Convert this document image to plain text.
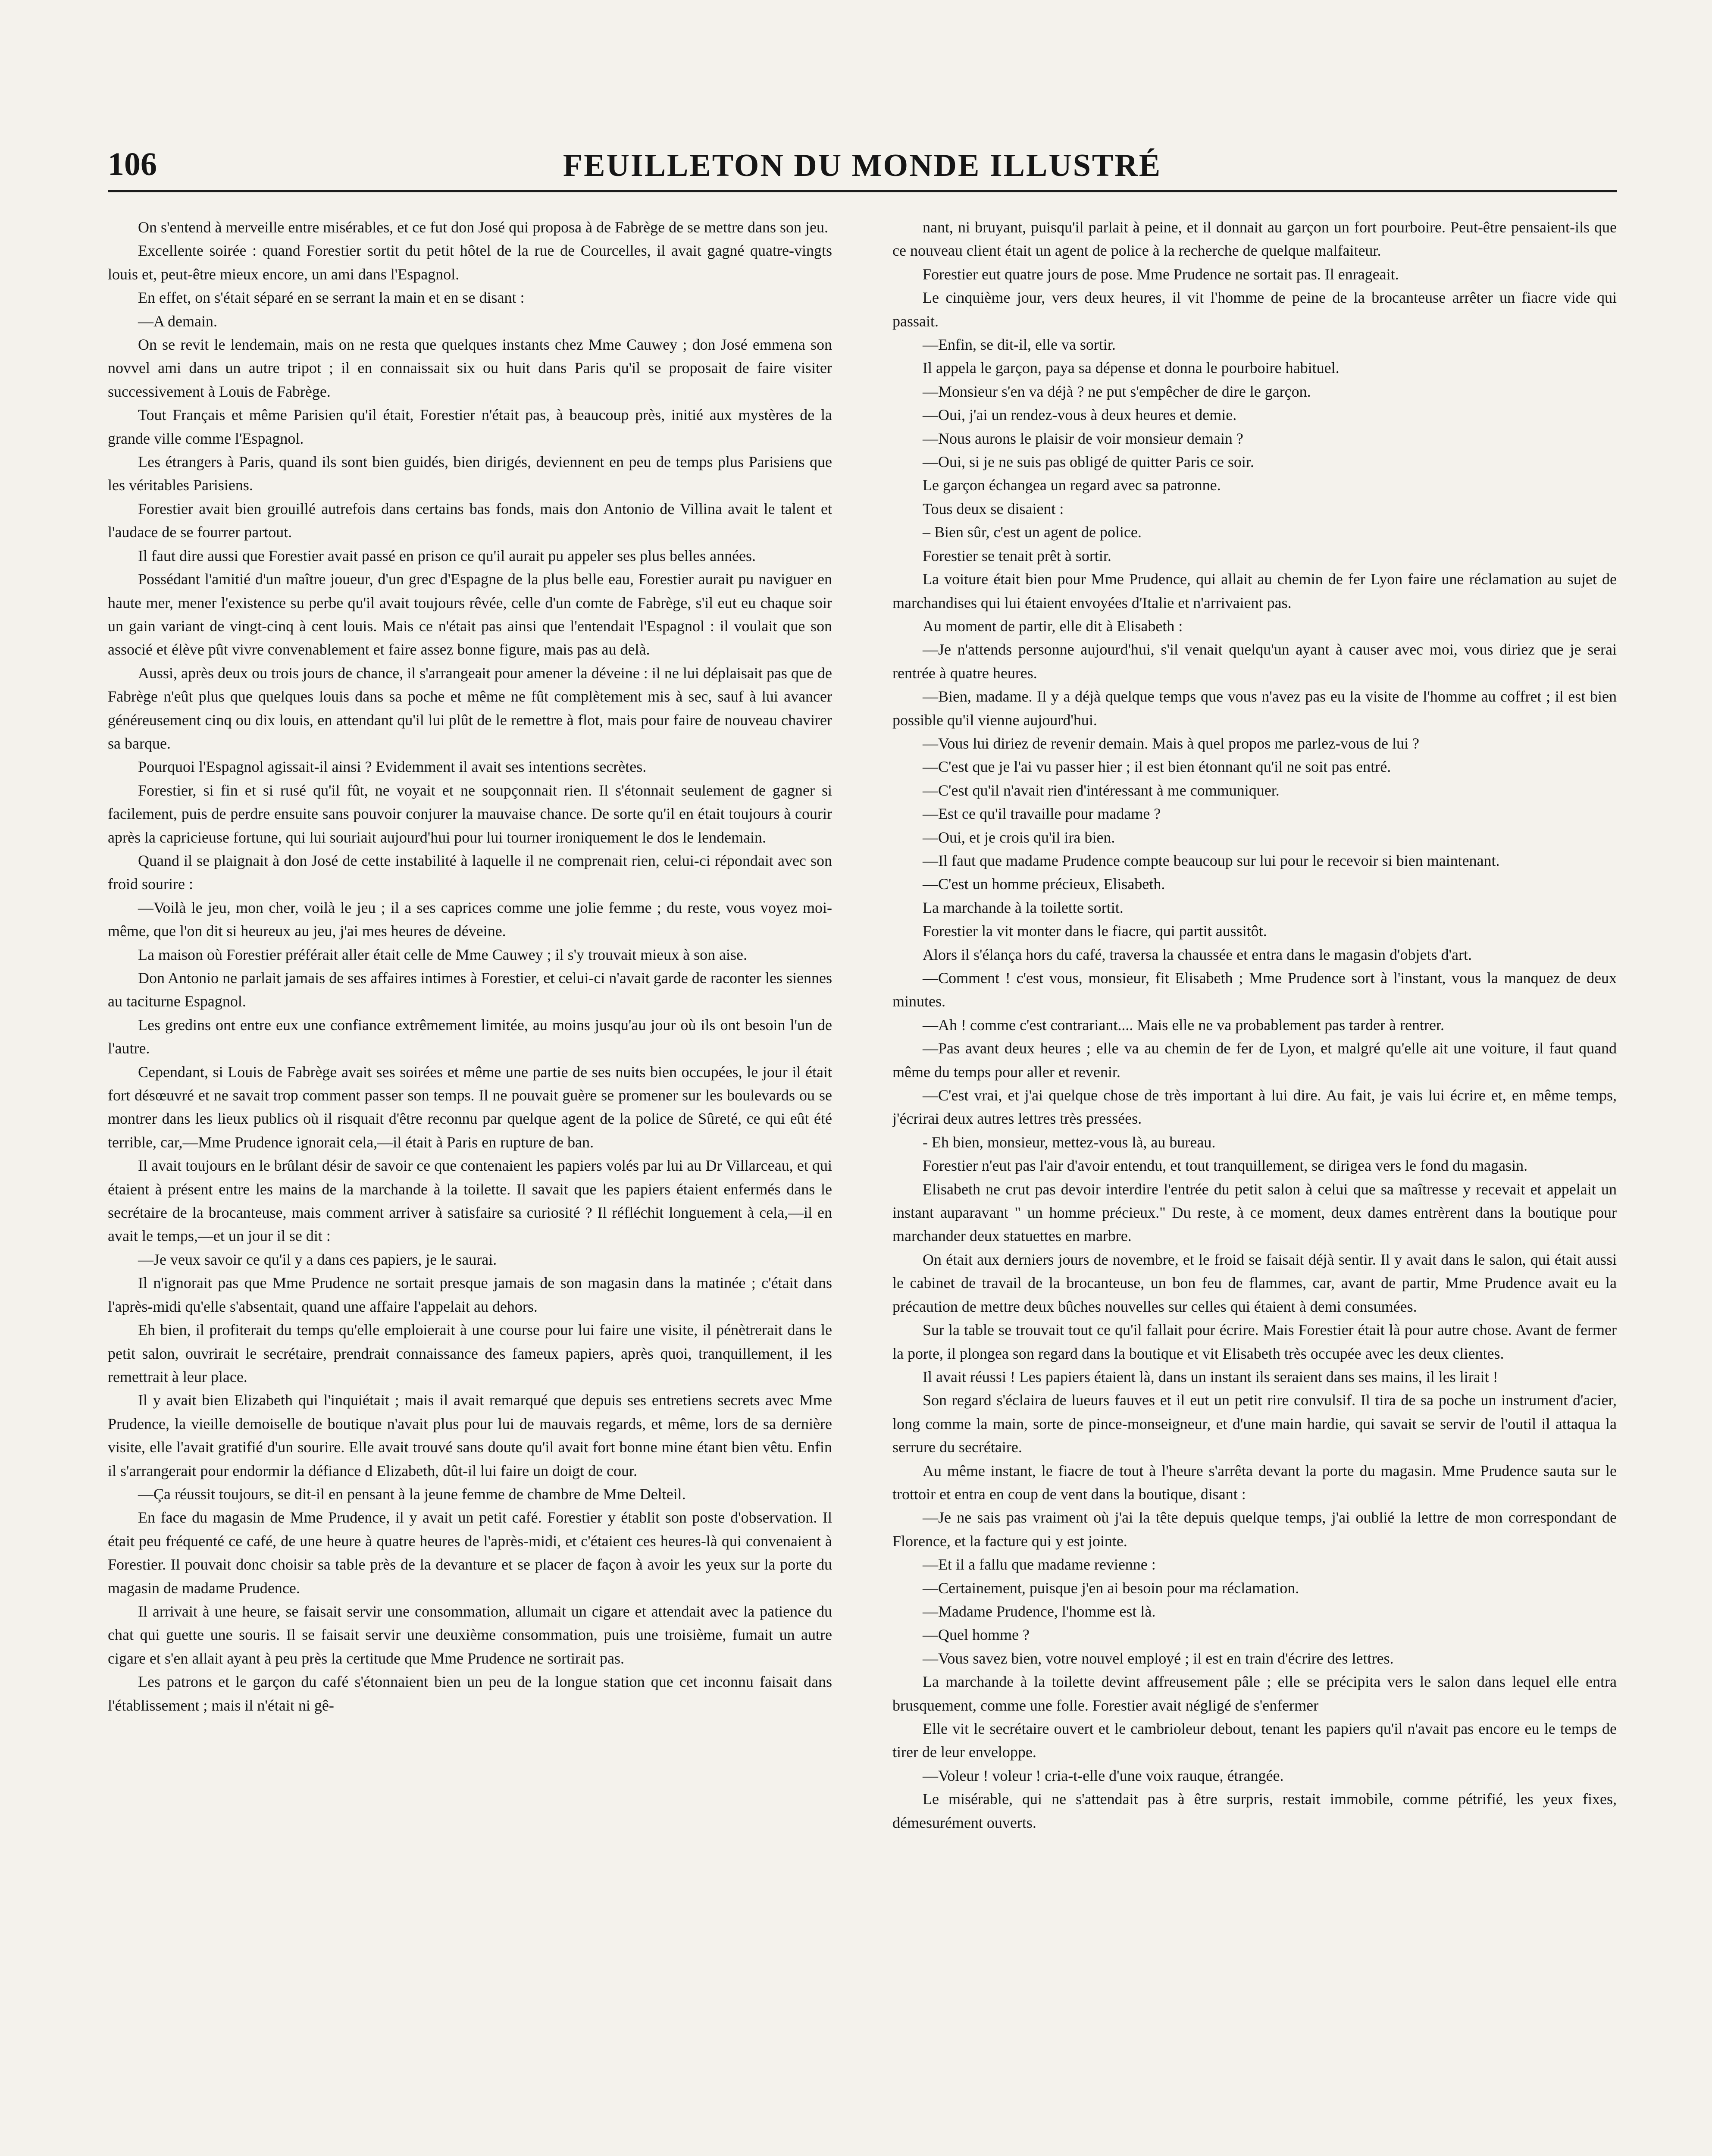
106	FEUILLETON DU MONDE ILLUSTRÉ

On s'entend à merveille entre misérables, et ce fut don José qui proposa à de Fabrège de se mettre dans son jeu.

Excellente soirée : quand Forestier sortit du petit hôtel de la rue de Courcelles, il avait gagné quatre-vingts louis et, peut-être mieux encore, un ami dans l'Espagnol.

En effet, on s'était séparé en se serrant la main et en se disant :

—A demain.

On se revit le lendemain, mais on ne resta que quelques instants chez Mme Cauwey ; don José emmena son novvel ami dans un autre tripot ; il en connaissait six ou huit dans Paris qu'il se proposait de faire visiter successivement à Louis de Fabrège.

Tout Français et même Parisien qu'il était, Forestier n'était pas, à beaucoup près, initié aux mystères de la grande ville comme l'Espagnol.

Les étrangers à Paris, quand ils sont bien guidés, bien dirigés, deviennent en peu de temps plus Parisiens que les véritables Parisiens.

Forestier avait bien grouillé autrefois dans certains bas fonds, mais don Antonio de Villina avait le talent et l'audace de se fourrer partout.

Il faut dire aussi que Forestier avait passé en prison ce qu'il aurait pu appeler ses plus belles années.

Possédant l'amitié d'un maître joueur, d'un grec d'Espagne de la plus belle eau, Forestier aurait pu naviguer en haute mer, mener l'existence su perbe qu'il avait toujours rêvée, celle d'un comte de Fabrège, s'il eut eu chaque soir un gain variant de vingt-cinq à cent louis. Mais ce n'était pas ainsi que l'entendait l'Espagnol : il voulait que son associé et élève pût vivre convenablement et faire assez bonne figure, mais pas au delà.

Aussi, après deux ou trois jours de chance, il s'arrangeait pour amener la déveine : il ne lui déplaisait pas que de Fabrège n'eût plus que quelques louis dans sa poche et même ne fût complètement mis à sec, sauf à lui avancer généreusement cinq ou dix louis, en attendant qu'il lui plût de le remettre à flot, mais pour faire de nouveau chavirer sa barque.

Pourquoi l'Espagnol agissait-il ainsi ? Evidemment il avait ses intentions secrètes.

Forestier, si fin et si rusé qu'il fût, ne voyait et ne soupçonnait rien. Il s'étonnait seulement de gagner si facilement, puis de perdre ensuite sans pouvoir conjurer la mauvaise chance. De sorte qu'il en était toujours à courir après la capricieuse fortune, qui lui souriait aujourd'hui pour lui tourner ironiquement le dos le lendemain.

Quand il se plaignait à don José de cette instabilité à laquelle il ne comprenait rien, celui-ci répondait avec son froid sourire :

—Voilà le jeu, mon cher, voilà le jeu ; il a ses caprices comme une jolie femme ; du reste, vous voyez moi-même, que l'on dit si heureux au jeu, j'ai mes heures de déveine.

La maison où Forestier préférait aller était celle de Mme Cauwey ; il s'y trouvait mieux à son aise.

Don Antonio ne parlait jamais de ses affaires intimes à Forestier, et celui-ci n'avait garde de raconter les siennes au taciturne Espagnol.

Les gredins ont entre eux une confiance extrêmement limitée, au moins jusqu'au jour où ils ont besoin l'un de l'autre.

Cependant, si Louis de Fabrège avait ses soirées et même une partie de ses nuits bien occupées, le jour il était fort désœuvré et ne savait trop comment passer son temps. Il ne pouvait guère se promener sur les boulevards ou se montrer dans les lieux publics où il risquait d'être reconnu par quelque agent de la police de Sûreté, ce qui eût été terrible, car,—Mme Prudence ignorait cela,—il était à Paris en rupture de ban.

Il avait toujours en le brûlant désir de savoir ce que contenaient les papiers volés par lui au Dr Villarceau, et qui étaient à présent entre les mains de la marchande à la toilette. Il savait que les papiers étaient enfermés dans le secrétaire de la brocanteuse, mais comment arriver à satisfaire sa curiosité ? Il réfléchit longuement à cela,—il en avait le temps,—et un jour il se dit :

—Je veux savoir ce qu'il y a dans ces papiers, je le saurai.

Il n'ignorait pas que Mme Prudence ne sortait presque jamais de son magasin dans la matinée ; c'était dans l'après-midi qu'elle s'absentait, quand une affaire l'appelait au dehors.

Eh bien, il profiterait du temps qu'elle emploierait à une course pour lui faire une visite, il pénètrerait dans le petit salon, ouvrirait le secrétaire, prendrait connaissance des fameux papiers, après quoi, tranquillement, il les remettrait à leur place.

Il y avait bien Elizabeth qui l'inquiétait ; mais il avait remarqué que depuis ses entretiens secrets avec Mme Prudence, la vieille demoiselle de boutique n'avait plus pour lui de mauvais regards, et même, lors de sa dernière visite, elle l'avait gratifié d'un sourire. Elle avait trouvé sans doute qu'il avait fort bonne mine étant bien vêtu. Enfin il s'arrangerait pour endormir la défiance d Elizabeth, dût-il lui faire un doigt de cour.

—Ça réussit toujours, se dit-il en pensant à la jeune femme de chambre de Mme Delteil.

En face du magasin de Mme Prudence, il y avait un petit café. Forestier y établit son poste d'observation. Il était peu fréquenté ce café, de une heure à quatre heures de l'après-midi, et c'étaient ces heures-là qui convenaient à Forestier. Il pouvait donc choisir sa table près de la devanture et se placer de façon à avoir les yeux sur la porte du magasin de madame Prudence.

Il arrivait à une heure, se faisait servir une consommation, allumait un cigare et attendait avec la patience du chat qui guette une souris. Il se faisait servir une deuxième consommation, puis une troisième, fumait un autre cigare et s'en allait ayant à peu près la certitude que Mme Prudence ne sortirait pas.

Les patrons et le garçon du café s'étonnaient bien un peu de la longue station que cet inconnu faisait dans l'établissement ; mais il n'était ni gê-

nant, ni bruyant, puisqu'il parlait à peine, et il donnait au garçon un fort pourboire. Peut-être pensaient-ils que ce nouveau client était un agent de police à la recherche de quelque malfaiteur.

Forestier eut quatre jours de pose. Mme Prudence ne sortait pas. Il enrageait.

Le cinquième jour, vers deux heures, il vit l'homme de peine de la brocanteuse arrêter un fiacre vide qui passait.

—Enfin, se dit-il, elle va sortir.

Il appela le garçon, paya sa dépense et donna le pourboire habituel.

—Monsieur s'en va déjà ? ne put s'empêcher de dire le garçon.

—Oui, j'ai un rendez-vous à deux heures et demie.

—Nous aurons le plaisir de voir monsieur demain ?

—Oui, si je ne suis pas obligé de quitter Paris ce soir.

Le garçon échangea un regard avec sa patronne.

Tous deux se disaient :

– Bien sûr, c'est un agent de police.

Forestier se tenait prêt à sortir.

La voiture était bien pour Mme Prudence, qui allait au chemin de fer Lyon faire une réclamation au sujet de marchandises qui lui étaient envoyées d'Italie et n'arrivaient pas.

Au moment de partir, elle dit à Elisabeth :

—Je n'attends personne aujourd'hui, s'il venait quelqu'un ayant à causer avec moi, vous diriez que je serai rentrée à quatre heures.

—Bien, madame. Il y a déjà quelque temps que vous n'avez pas eu la visite de l'homme au coffret ; il est bien possible qu'il vienne aujourd'hui.

—Vous lui diriez de revenir demain. Mais à quel propos me parlez-vous de lui ?

—C'est que je l'ai vu passer hier ; il est bien étonnant qu'il ne soit pas entré.

—C'est qu'il n'avait rien d'intéressant à me communiquer.

—Est ce qu'il travaille pour madame ?

—Oui, et je crois qu'il ira bien.

—Il faut que madame Prudence compte beaucoup sur lui pour le recevoir si bien maintenant.

—C'est un homme précieux, Elisabeth.

La marchande à la toilette sortit.

Forestier la vit monter dans le fiacre, qui partit aussitôt.

Alors il s'élança hors du café, traversa la chaussée et entra dans le magasin d'objets d'art.

—Comment ! c'est vous, monsieur, fit Elisabeth ; Mme Prudence sort à l'instant, vous la manquez de deux minutes.

—Ah ! comme c'est contrariant.... Mais elle ne va probablement pas tarder à rentrer.

—Pas avant deux heures ; elle va au chemin de fer de Lyon, et malgré qu'elle ait une voiture, il faut quand même du temps pour aller et revenir.

—C'est vrai, et j'ai quelque chose de très important à lui dire. Au fait, je vais lui écrire et, en même temps, j'écrirai deux autres lettres très pressées.

- Eh bien, monsieur, mettez-vous là, au bureau.

Forestier n'eut pas l'air d'avoir entendu, et tout tranquillement, se dirigea vers le fond du magasin.

Elisabeth ne crut pas devoir interdire l'entrée du petit salon à celui que sa maîtresse y recevait et appelait un instant auparavant " un homme précieux." Du reste, à ce moment, deux dames entrèrent dans la boutique pour marchander deux statuettes en marbre.

On était aux derniers jours de novembre, et le froid se faisait déjà sentir. Il y avait dans le salon, qui était aussi le cabinet de travail de la brocanteuse, un bon feu de flammes, car, avant de partir, Mme Prudence avait eu la précaution de mettre deux bûches nouvelles sur celles qui étaient à demi consumées.

Sur la table se trouvait tout ce qu'il fallait pour écrire. Mais Forestier était là pour autre chose. Avant de fermer la porte, il plongea son regard dans la boutique et vit Elisabeth très occupée avec les deux clientes.

Il avait réussi ! Les papiers étaient là, dans un instant ils seraient dans ses mains, il les lirait !

Son regard s'éclaira de lueurs fauves et il eut un petit rire convulsif. Il tira de sa poche un instrument d'acier, long comme la main, sorte de pince-monseigneur, et d'une main hardie, qui savait se servir de l'outil il attaqua la serrure du secrétaire.

Au même instant, le fiacre de tout à l'heure s'arrêta devant la porte du magasin. Mme Prudence sauta sur le trottoir et entra en coup de vent dans la boutique, disant :

—Je ne sais pas vraiment où j'ai la tête depuis quelque temps, j'ai oublié la lettre de mon correspondant de Florence, et la facture qui y est jointe.

—Et il a fallu que madame revienne :

—Certainement, puisque j'en ai besoin pour ma réclamation.

—Madame Prudence, l'homme est là.

—Quel homme ?

—Vous savez bien, votre nouvel employé ; il est en train d'écrire des lettres.

La marchande à la toilette devint affreusement pâle ; elle se précipita vers le salon dans lequel elle entra brusquement, comme une folle. Forestier avait négligé de s'enfermer

Elle vit le secrétaire ouvert et le cambrioleur debout, tenant les papiers qu'il n'avait pas encore eu le temps de tirer de leur enveloppe.

—Voleur ! voleur ! cria-t-elle d'une voix rauque, étrangée.

Le misérable, qui ne s'attendait pas à être surpris, restait immobile, comme pétrifié, les yeux fixes, démesurément ouverts.
